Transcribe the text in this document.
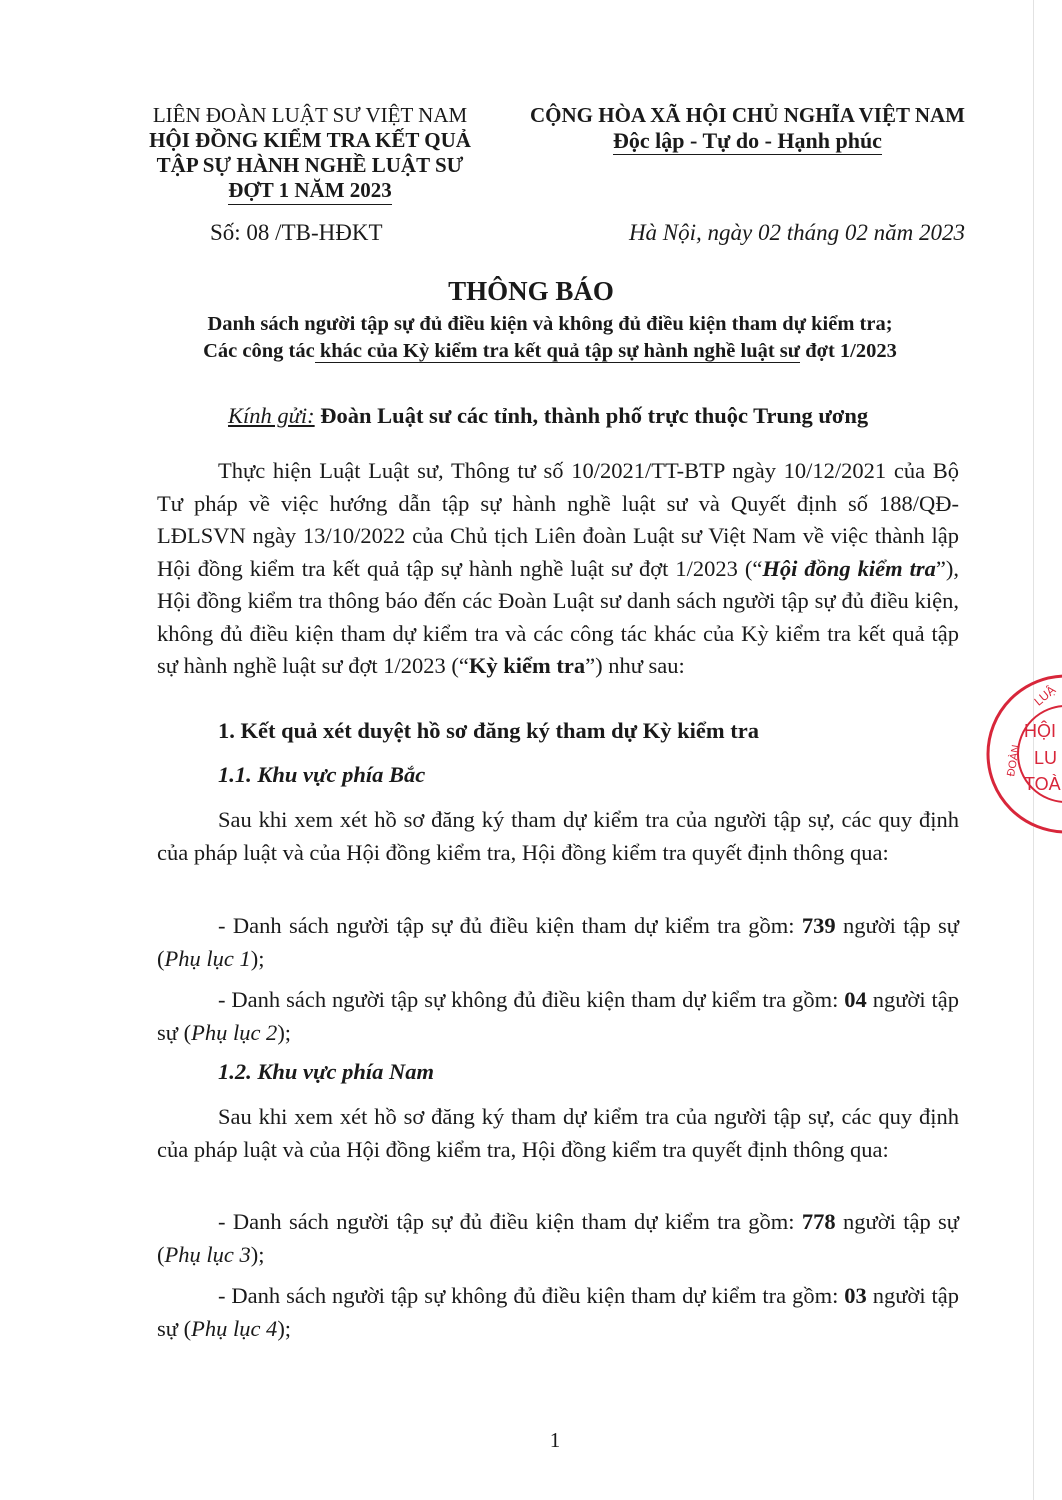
LIÊN ĐOÀN LUẬT SƯ VIỆT NAM
HỘI ĐỒNG KIỂM TRA KẾT QUẢ
TẬP SỰ HÀNH NGHỀ LUẬT SƯ
ĐỢT 1 NĂM 2023
CỘNG HÒA XÃ HỘI CHỦ NGHĨA VIỆT NAM
Độc lập - Tự do - Hạnh phúc
Số: 08 /TB-HĐKT	Hà Nội, ngày 02 tháng 02 năm 2023
THÔNG BÁO
Danh sách người tập sự đủ điều kiện và không đủ điều kiện tham dự kiểm tra;
Các công tác khác của Kỳ kiểm tra kết quả tập sự hành nghề luật sư đợt 1/2023
Kính gửi: Đoàn Luật sư các tỉnh, thành phố trực thuộc Trung ương
Thực hiện Luật Luật sư, Thông tư số 10/2021/TT-BTP ngày 10/12/2021 của Bộ Tư pháp về việc hướng dẫn tập sự hành nghề luật sư và Quyết định số 188/QĐ-LĐLSVN ngày 13/10/2022 của Chủ tịch Liên đoàn Luật sư Việt Nam về việc thành lập Hội đồng kiểm tra kết quả tập sự hành nghề luật sư đợt 1/2023 (“Hội đồng kiểm tra”), Hội đồng kiểm tra thông báo đến các Đoàn Luật sư danh sách người tập sự đủ điều kiện, không đủ điều kiện tham dự kiểm tra và các công tác khác của Kỳ kiểm tra kết quả tập sự hành nghề luật sư đợt 1/2023 (“Kỳ kiểm tra”) như sau:
1. Kết quả xét duyệt hồ sơ đăng ký tham dự Kỳ kiểm tra
1.1. Khu vực phía Bắc
Sau khi xem xét hồ sơ đăng ký tham dự kiểm tra của người tập sự, các quy định của pháp luật và của Hội đồng kiểm tra, Hội đồng kiểm tra quyết định thông qua:
- Danh sách người tập sự đủ điều kiện tham dự kiểm tra gồm: 739 người tập sự (Phụ lục 1);
- Danh sách người tập sự không đủ điều kiện tham dự kiểm tra gồm: 04 người tập sự (Phụ lục 2);
1.2. Khu vực phía Nam
Sau khi xem xét hồ sơ đăng ký tham dự kiểm tra của người tập sự, các quy định của pháp luật và của Hội đồng kiểm tra, Hội đồng kiểm tra quyết định thông qua:
- Danh sách người tập sự đủ điều kiện tham dự kiểm tra gồm: 778 người tập sự (Phụ lục 3);
- Danh sách người tập sự không đủ điều kiện tham dự kiểm tra gồm: 03 người tập sự (Phụ lục 4);
HỘI
LU
TOÀ
ĐOÀN
LUẬ
1
